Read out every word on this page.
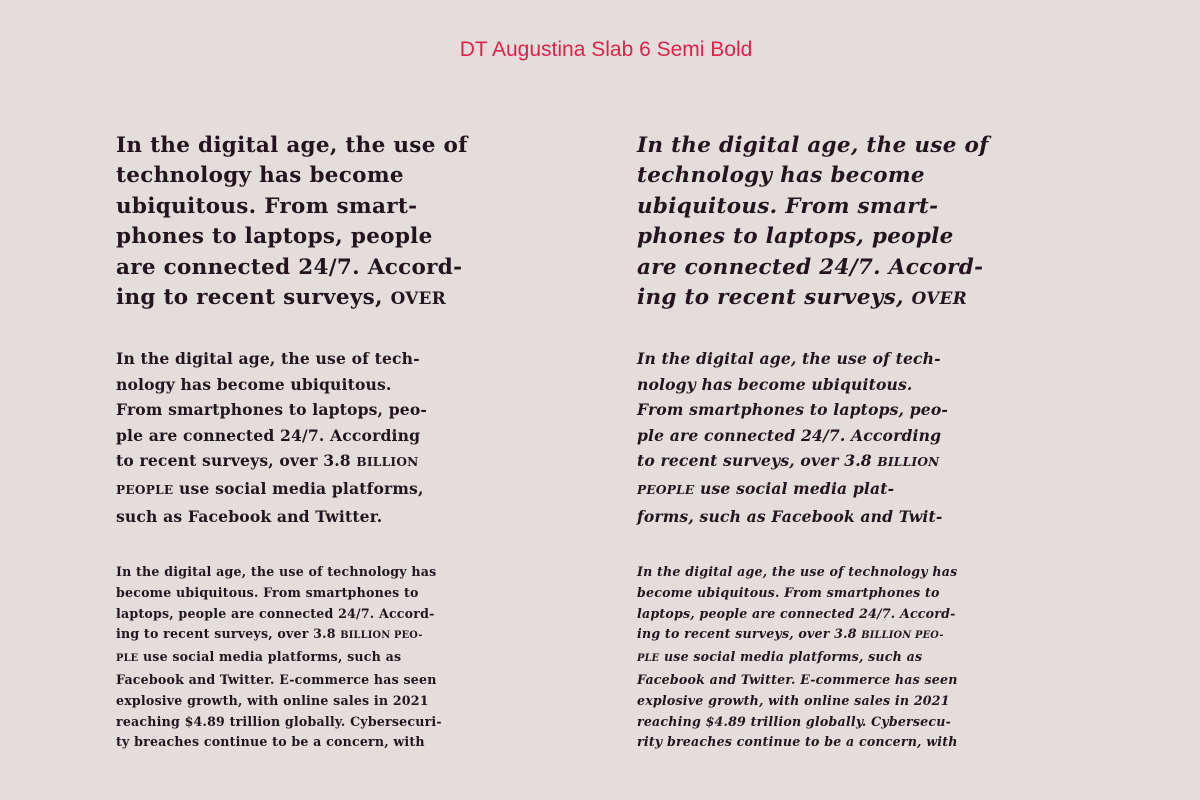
DT Augustina Slab 6 Semi Bold

In the digital age, the use of
technology has become
ubiquitous. From smart-
phones to laptops, people
are connected 24/7. Accord-
ing to recent surveys, OVER

In the digital age, the use of tech-
nology has become ubiquitous.
From smartphones to laptops, peo-
ple are connected 24/7. According
to recent surveys, over 3.8 BILLION
PEOPLE use social media platforms,
such as Facebook and Twitter.

In the digital age, the use of technology has
become ubiquitous. From smartphones to
laptops, people are connected 24/7. Accord-
ing to recent surveys, over 3.8 BILLION PEO-
PLE use social media platforms, such as
Facebook and Twitter. E-commerce has seen
explosive growth, with online sales in 2021
reaching $4.89 trillion globally. Cybersecuri-
ty breaches continue to be a concern, with

In the digital age, the use of
technology has become
ubiquitous. From smart-
phones to laptops, people
are connected 24/7. Accord-
ing to recent surveys, OVER

In the digital age, the use of tech-
nology has become ubiquitous.
From smartphones to laptops, peo-
ple are connected 24/7. According
to recent surveys, over 3.8 BILLION
PEOPLE use social media plat-
forms, such as Facebook and Twit-

In the digital age, the use of technology has
become ubiquitous. From smartphones to
laptops, people are connected 24/7. Accord-
ing to recent surveys, over 3.8 BILLION PEO-
PLE use social media platforms, such as
Facebook and Twitter. E-commerce has seen
explosive growth, with online sales in 2021
reaching $4.89 trillion globally. Cybersecu-
rity breaches continue to be a concern, with
